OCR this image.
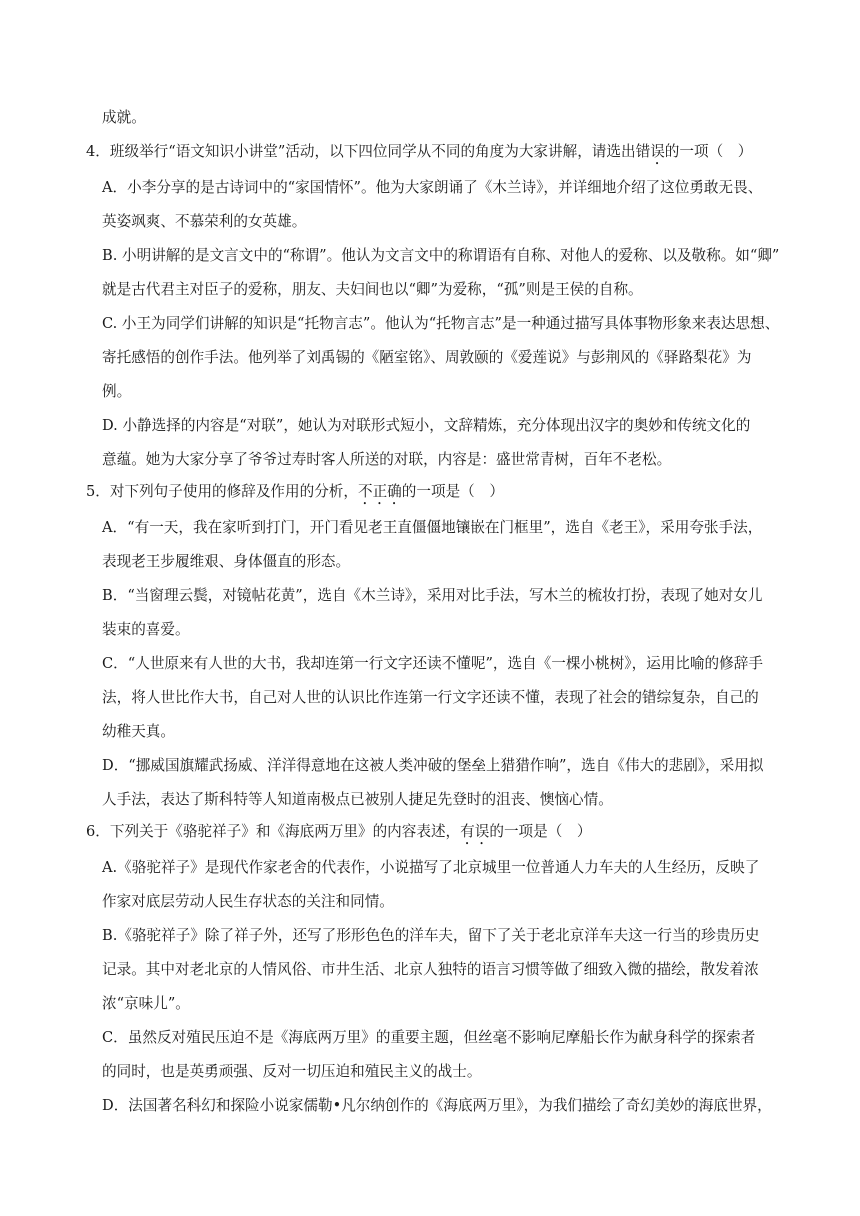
成就。
4．班级举行“语文知识小讲堂”活动，以下四位同学从不同的角度为大家讲解，请选出错误的一项（　）
A．小李分享的是古诗词中的“家国情怀”。他为大家朗诵了《木兰诗》，并详细地介绍了这位勇敢无畏、
英姿飒爽、不慕荣利的女英雄。
B. 小明讲解的是文言文中的“称谓”。他认为文言文中的称谓语有自称、对他人的爱称、以及敬称。如“卿”
就是古代君主对臣子的爱称，朋友、夫妇间也以“卿”为爱称，“孤”则是王侯的自称。
C. 小王为同学们讲解的知识是“托物言志”。他认为“托物言志”是一种通过描写具体事物形象来表达思想、
寄托感悟的创作手法。他列举了刘禹锡的《陋室铭》、周敦颐的《爱莲说》与彭荆风的《驿路梨花》为
例。
D. 小静选择的内容是“对联”，她认为对联形式短小，文辞精炼，充分体现出汉字的奥妙和传统文化的
意蕴。她为大家分享了爷爷过寿时客人所送的对联，内容是：盛世常青树，百年不老松。
5．对下列句子使用的修辞及作用的分析，不正确的一项是（　）
A．“有一天，我在家听到打门，开门看见老王直僵僵地镶嵌在门框里”，选自《老王》，采用夸张手法，
表现老王步履维艰、身体僵直的形态。
B．“当窗理云鬓，对镜帖花黄”，选自《木兰诗》，采用对比手法，写木兰的梳妆打扮，表现了她对女儿
装束的喜爱。
C．“人世原来有人世的大书，我却连第一行文字还读不懂呢”，选自《一棵小桃树》，运用比喻的修辞手
法，将人世比作大书，自己对人世的认识比作连第一行文字还读不懂，表现了社会的错综复杂，自己的
幼稚天真。
D．“挪威国旗耀武扬威、洋洋得意地在这被人类冲破的堡垒上猎猎作响”，选自《伟大的悲剧》，采用拟
人手法，表达了斯科特等人知道南极点已被别人捷足先登时的沮丧、懊恼心情。
6．下列关于《骆驼祥子》和《海底两万里》的内容表述，有误的一项是（　）
A.《骆驼祥子》是现代作家老舍的代表作，小说描写了北京城里一位普通人力车夫的人生经历，反映了
作家对底层劳动人民生存状态的关注和同情。
B.《骆驼祥子》除了祥子外，还写了形形色色的洋车夫，留下了关于老北京洋车夫这一行当的珍贵历史
记录。其中对老北京的人情风俗、市井生活、北京人独特的语言习惯等做了细致入微的描绘，散发着浓
浓“京味儿”。
C．虽然反对殖民压迫不是《海底两万里》的重要主题，但丝毫不影响尼摩船长作为献身科学的探索者
的同时，也是英勇顽强、反对一切压迫和殖民主义的战士。
D．法国著名科幻和探险小说家儒勒•凡尔纳创作的《海底两万里》，为我们描绘了奇幻美妙的海底世界，
